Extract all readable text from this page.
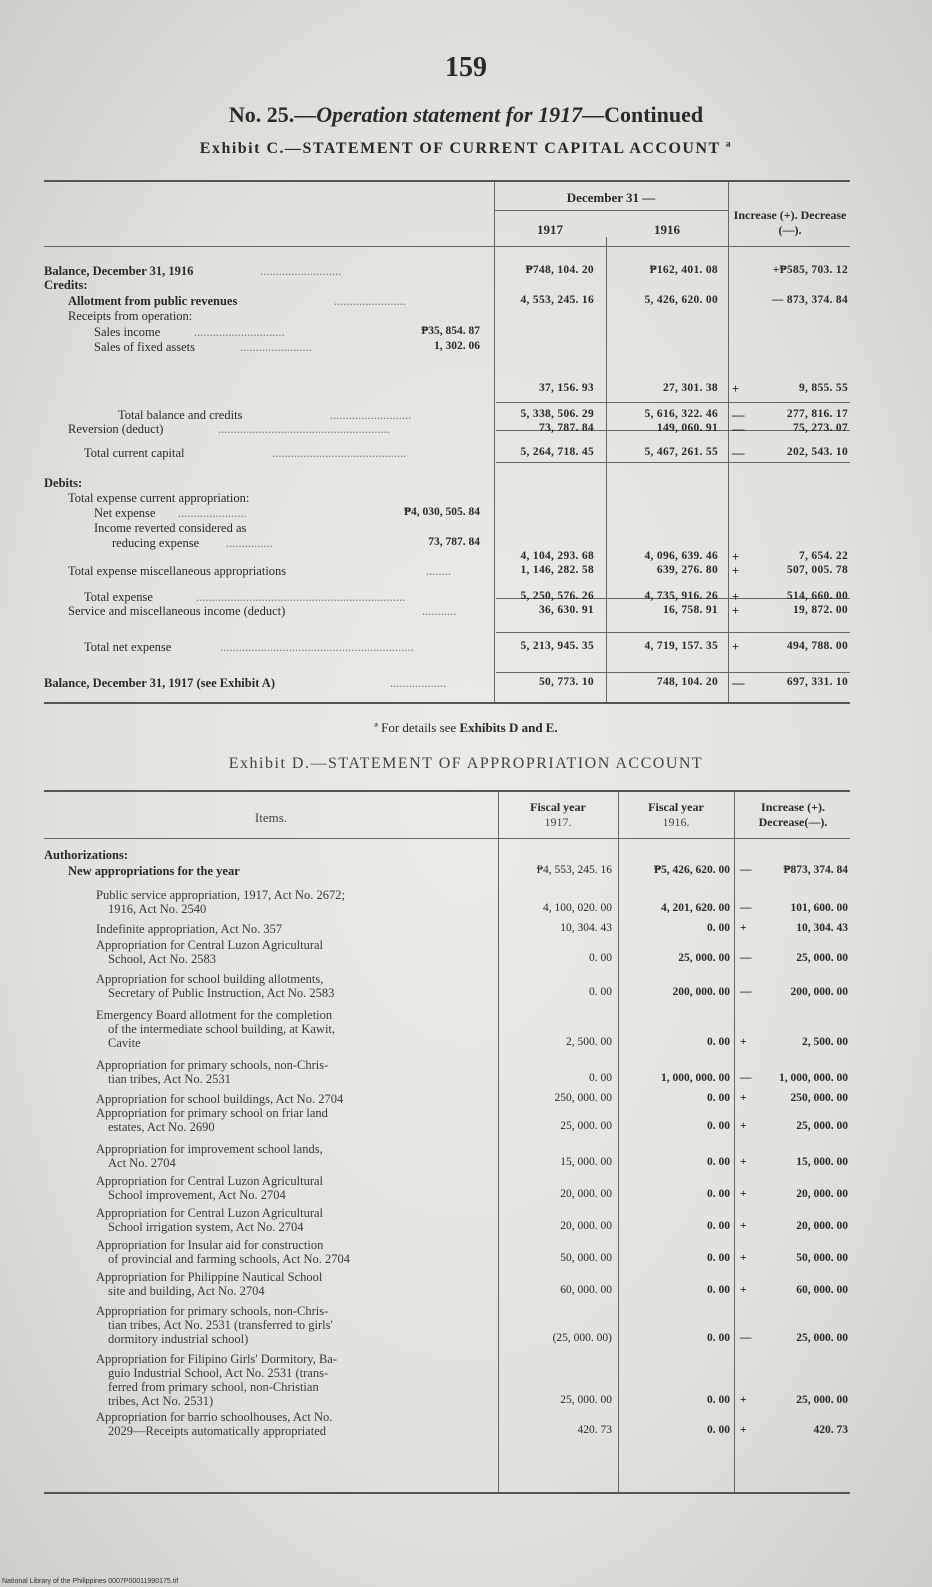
159
No. 25.—Operation statement for 1917—Continued
Exhibit C.—STATEMENT OF CURRENT CAPITAL ACCOUNT ª
December 31 —
1917	1916
Increase (+). Decrease (—).
Balance, December 31, 1916	..........................	₱748, 104. 20	₱162, 401. 08	+₱585, 703. 12
Credits:
Allotment from public revenues	.......................	4, 553, 245. 16	5, 426, 620. 00	— 873, 374. 84
Receipts from operation:
Sales income	.............................	₱35, 854. 87
Sales of fixed assets	.......................	1, 302. 06
37, 156. 93	27, 301. 38 +	9, 855. 55
Total balance and credits	..........................	5, 338, 506. 29	5, 616, 322. 46 —	277, 816. 17
Reversion (deduct)	.......................................................	73, 787. 84	149, 060. 91 —	75, 273. 07
Total current capital	...........................................	5, 264, 718. 45	5, 467, 261. 55 —	202, 543. 10
Debits:
Total expense current appropriation:
Net expense ......................	₱4, 030, 505. 84
Income reverted considered as
reducing expense ...............	73, 787. 84
4, 104, 293. 68	4, 096, 639. 46 +	7, 654. 22
Total expense miscellaneous appropriations	........	1, 146, 282. 58	639, 276. 80 +	507, 005. 78
Total expense	...................................................................	5, 250, 576. 26	4, 735, 916. 26 +	514, 660. 00
Service and miscellaneous income (deduct)	...........	36, 630. 91	16, 758. 91 +	19, 872. 00
Total net expense	..............................................................	5, 213, 945. 35	4, 719, 157. 35 +	494, 788. 00
Balance, December 31, 1917 (see Exhibit A)	..................	50, 773. 10	748, 104. 20 —	697, 331. 10
ª For details see Exhibits D and E.
Exhibit D.—STATEMENT OF APPROPRIATION ACCOUNT
Items.
Fiscal year
1917.
Fiscal year
1916.
Increase (+).
Decrease(—).
Authorizations:
New appropriations for the year	₱4, 553, 245. 16	₱5, 426, 620. 00 —	₱873, 374. 84
Public service appropriation, 1917, Act No. 2672;
1916, Act No. 2540	4, 100, 020. 00	4, 201, 620. 00 —	101, 600. 00
Indefinite appropriation, Act No. 357	10, 304. 43	0. 00 +	10, 304. 43
Appropriation for Central Luzon Agricultural
School, Act No. 2583	0. 00	25, 000. 00 —	25, 000. 00
Appropriation for school building allotments,
Secretary of Public Instruction, Act No. 2583	0. 00	200, 000. 00 —	200, 000. 00
Emergency Board allotment for the completion
of the intermediate school building, at Kawit,
Cavite	2, 500. 00	0. 00 +	2, 500. 00
Appropriation for primary schools, non-Chris-
tian tribes, Act No. 2531	0. 00	1, 000, 000. 00 —	1, 000, 000. 00
Appropriation for school buildings, Act No. 2704	250, 000. 00	0. 00 +	250, 000. 00
Appropriation for primary school on friar land
estates, Act No. 2690	25, 000. 00	0. 00 +	25, 000. 00
Appropriation for improvement school lands,
Act No. 2704	15, 000. 00	0. 00 +	15, 000. 00
Appropriation for Central Luzon Agricultural
School improvement, Act No. 2704	20, 000. 00	0. 00 +	20, 000. 00
Appropriation for Central Luzon Agricultural
School irrigation system, Act No. 2704	20, 000. 00	0. 00 +	20, 000. 00
Appropriation for Insular aid for construction
of provincial and farming schools, Act No. 2704	50, 000. 00	0. 00 +	50, 000. 00
Appropriation for Philippine Nautical School
site and building, Act No. 2704	60, 000. 00	0. 00 +	60, 000. 00
Appropriation for primary schools, non-Chris-
tian tribes, Act No. 2531 (transferred to girls'
dormitory industrial school)	(25, 000. 00)	0. 00 —	25, 000. 00
Appropriation for Filipino Girls' Dormitory, Ba-
guio Industrial School, Act No. 2531 (trans-
ferred from primary school, non-Christian
tribes, Act No. 2531)	25, 000. 00	0. 00 +	25, 000. 00
Appropriation for barrio schoolhouses, Act No.
2029—Receipts automatically appropriated	420. 73	0. 00 +	420. 73
National Library of the Philippines 0007P00011990175.tif
